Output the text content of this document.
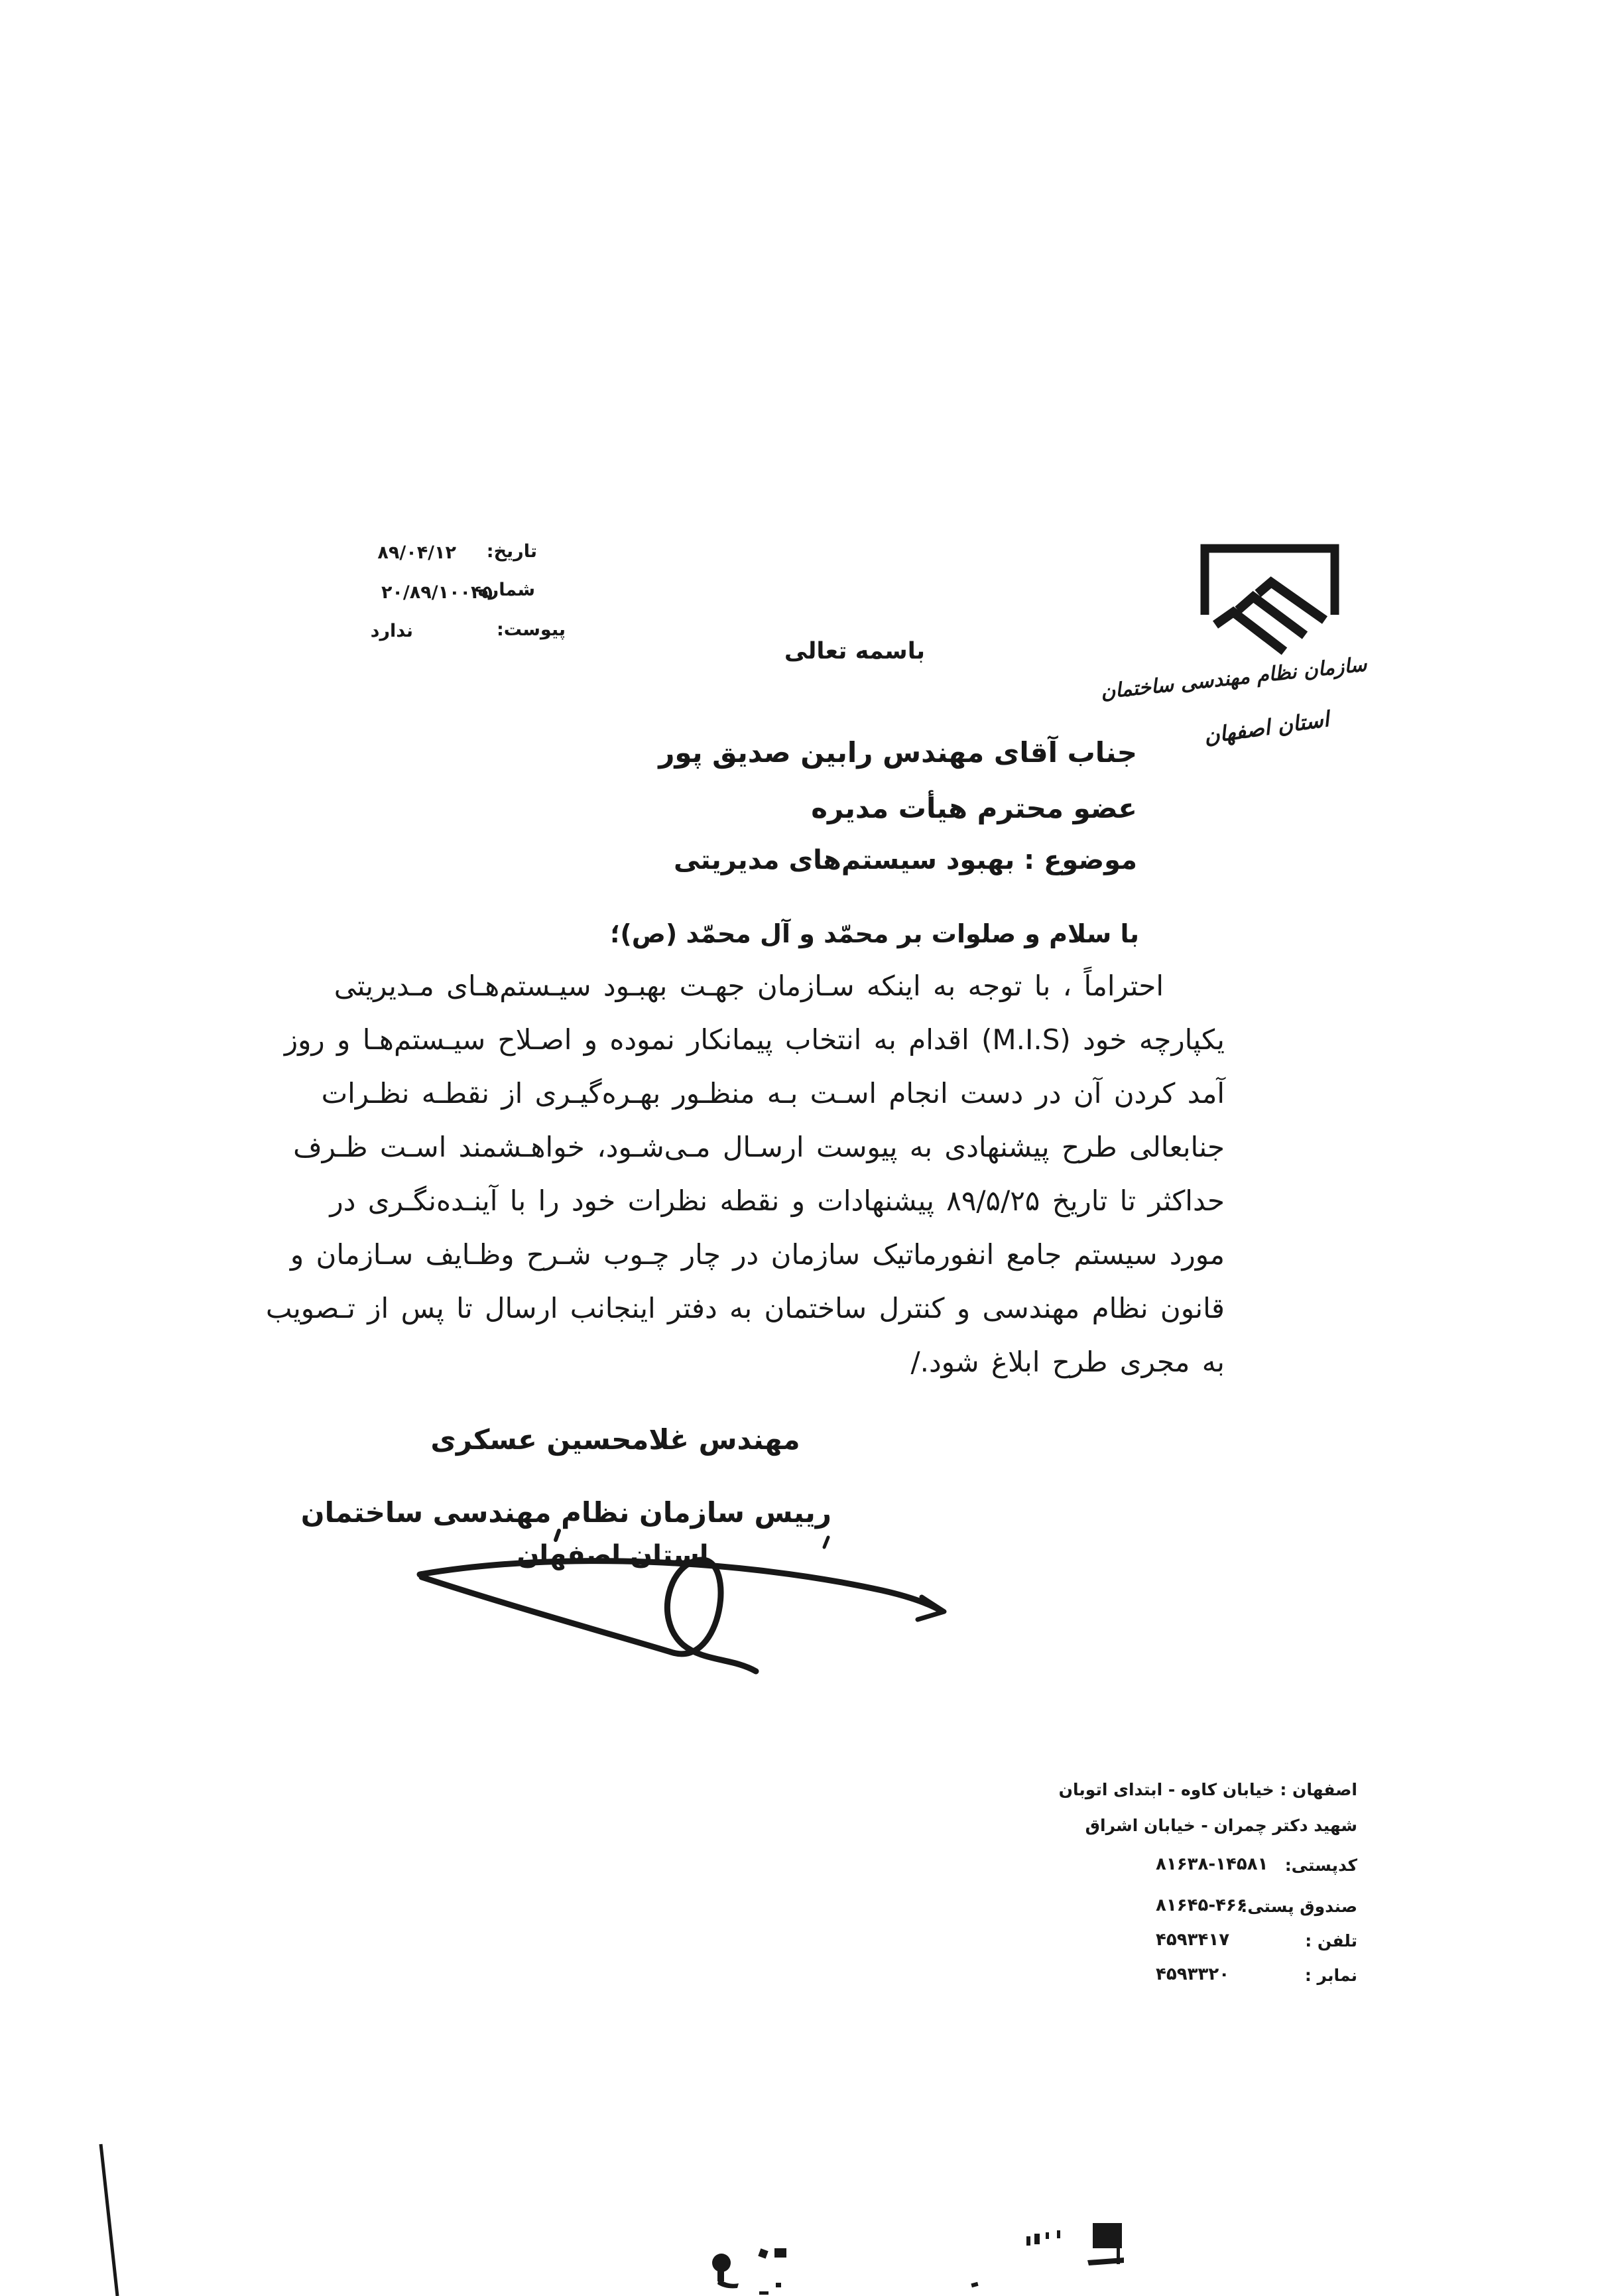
تاریخ:
۸۹/۰۴/۱۲
شماره
۲۰/۸۹/۱۰۰۴۵
پیوست:
ندارد
باسمه تعالی
سازمان نظام مهندسی ساختمان
استان اصفهان
جناب آقای مهندس رابین صدیق پور
عضو محترم هیأت مدیره
موضوع : بهبود سیستم‌های مدیریتی
با سلام و صلوات بر محمّد و آل محمّد (ص)؛
احتراماً ، با توجه به اینکه سـازمان جهـت بهبـود سیـستم‌هـای مـدیریتی
یکپارچه خود (M.I.S) اقدام به انتخاب پیمانکار نموده و اصـلاح سیـستم‌هـا و روز
آمد کردن آن در دست انجام اسـت بـه منظـور بهـره‌گیـری از نقطـه نظـرات
جنابعالی طرح پیشنهادی به پیوست ارسـال مـی‌شـود، خواهـشمند اسـت ظـرف
حداکثر تا تاریخ ۸۹/۵/۲۵ پیشنهادات و نقطه نظرات خود را با آینـده‌نگـری در
مورد سیستم جامع انفورماتیک سازمان در چار چـوب شـرح وظـایف سـازمان و
قانون نظام مهندسی و کنترل ساختمان به دفتر اینجانب ارسال تا پس از تـصویب
به مجری طرح ابلاغ شود./
مهندس غلامحسین عسکری
رییس سازمان نظام مهندسی ساختمان
استان اصفهان
اصفهان : خیابان کاوه - ابتدای اتوبان
شهید دکتر چمران - خیابان اشراق
کدپستی:
۸۱۶۳۸-۱۴۵۸۱
صندوق پستی:
۸۱۶۴۵-۴۶۶
تلفن :
۴۵۹۳۴۱۷
نمابر :
۴۵۹۳۳۲۰
